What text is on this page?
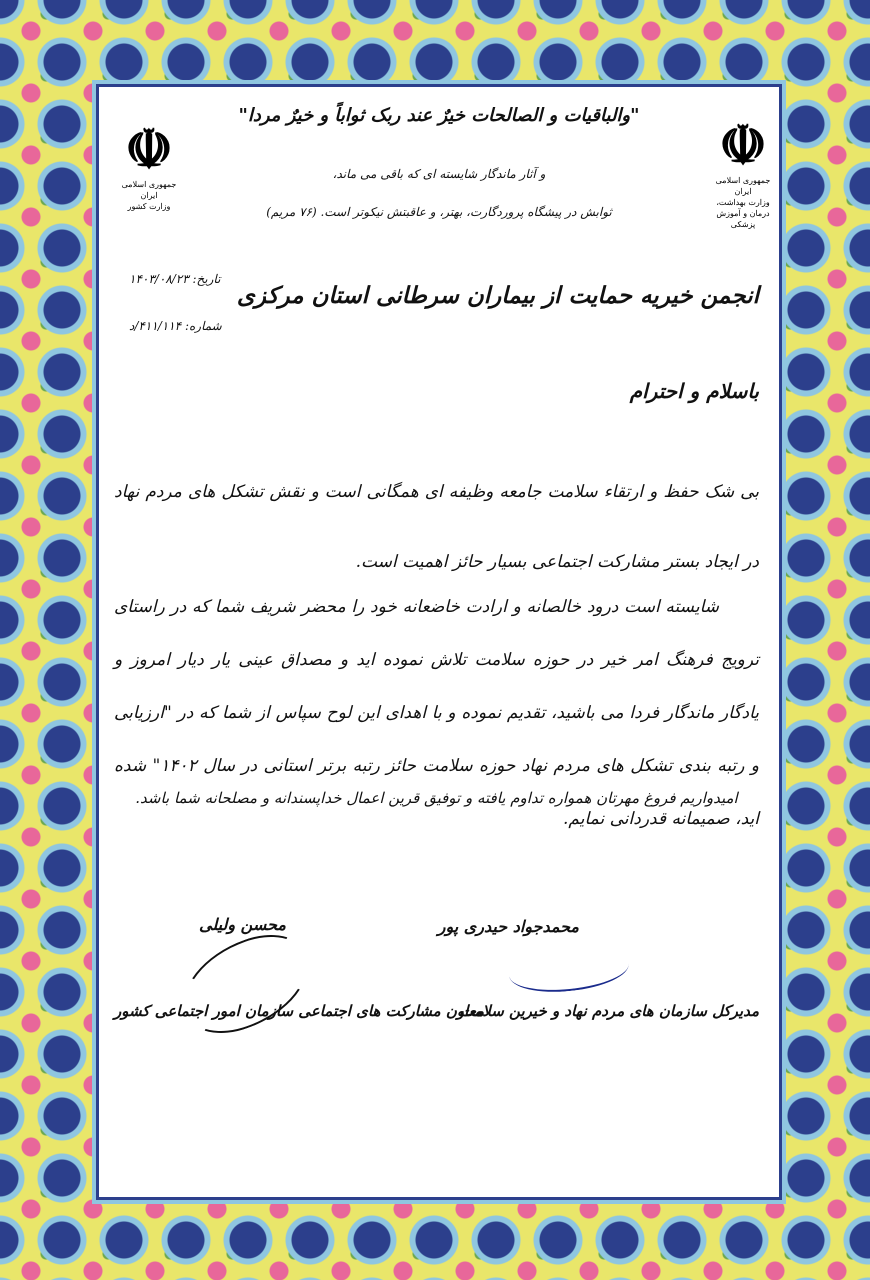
☫
جمهوری اسلامی ایران
وزارت بهداشت، درمان و آموزش پزشکی
☫
جمهوری اسلامی ایران
وزارت کشور
"والباقیات و الصالحات خیرٌ عند ربک ثواباً و خیرٌ مردا"
و آثار ماندگار شایسته ای که باقی می ماند،
ثوابش در پیشگاه پروردگارت، بهتر، و عاقبتش نیکوتر است. (۷۶ مریم)
تاریخ: ۱۴۰۳/۰۸/۲۳
شماره: ۴۱۱/۱۱۴/د
انجمن خیریه حمایت از بیماران سرطانی استان مرکزی
باسلام و احترام
بی شک حفظ و ارتقاء سلامت جامعه وظیفه ای همگانی است و نقش تشکل های مردم نهاد در ایجاد بستر مشارکت اجتماعی بسیار حائز اهمیت است.
شایسته است درود خالصانه و ارادت خاضعانه خود را محضر شریف شما که در راستای ترویج فرهنگ امر خیر در حوزه سلامت تلاش نموده اید و مصداق عینی یار دیار امروز و یادگار ماندگار فردا می باشید، تقدیم نموده و با اهدای این لوح سپاس از شما که در "ارزیابی و رتبه بندی تشکل های مردم نهاد حوزه سلامت حائز رتبه برتر استانی در سال ۱۴۰۲" شده اید، صمیمانه قدردانی نمایم.
امیدواریم فروغ مهرتان همواره تداوم یافته و توفیق قرین اعمال خداپسندانه و مصلحانه شما باشد.
محمدجواد حیدری پور
مدیرکل سازمان های مردم نهاد و خیرین سلامت
محسن ولیلی
معاون مشارکت های اجتماعی سازمان امور اجتماعی کشور
